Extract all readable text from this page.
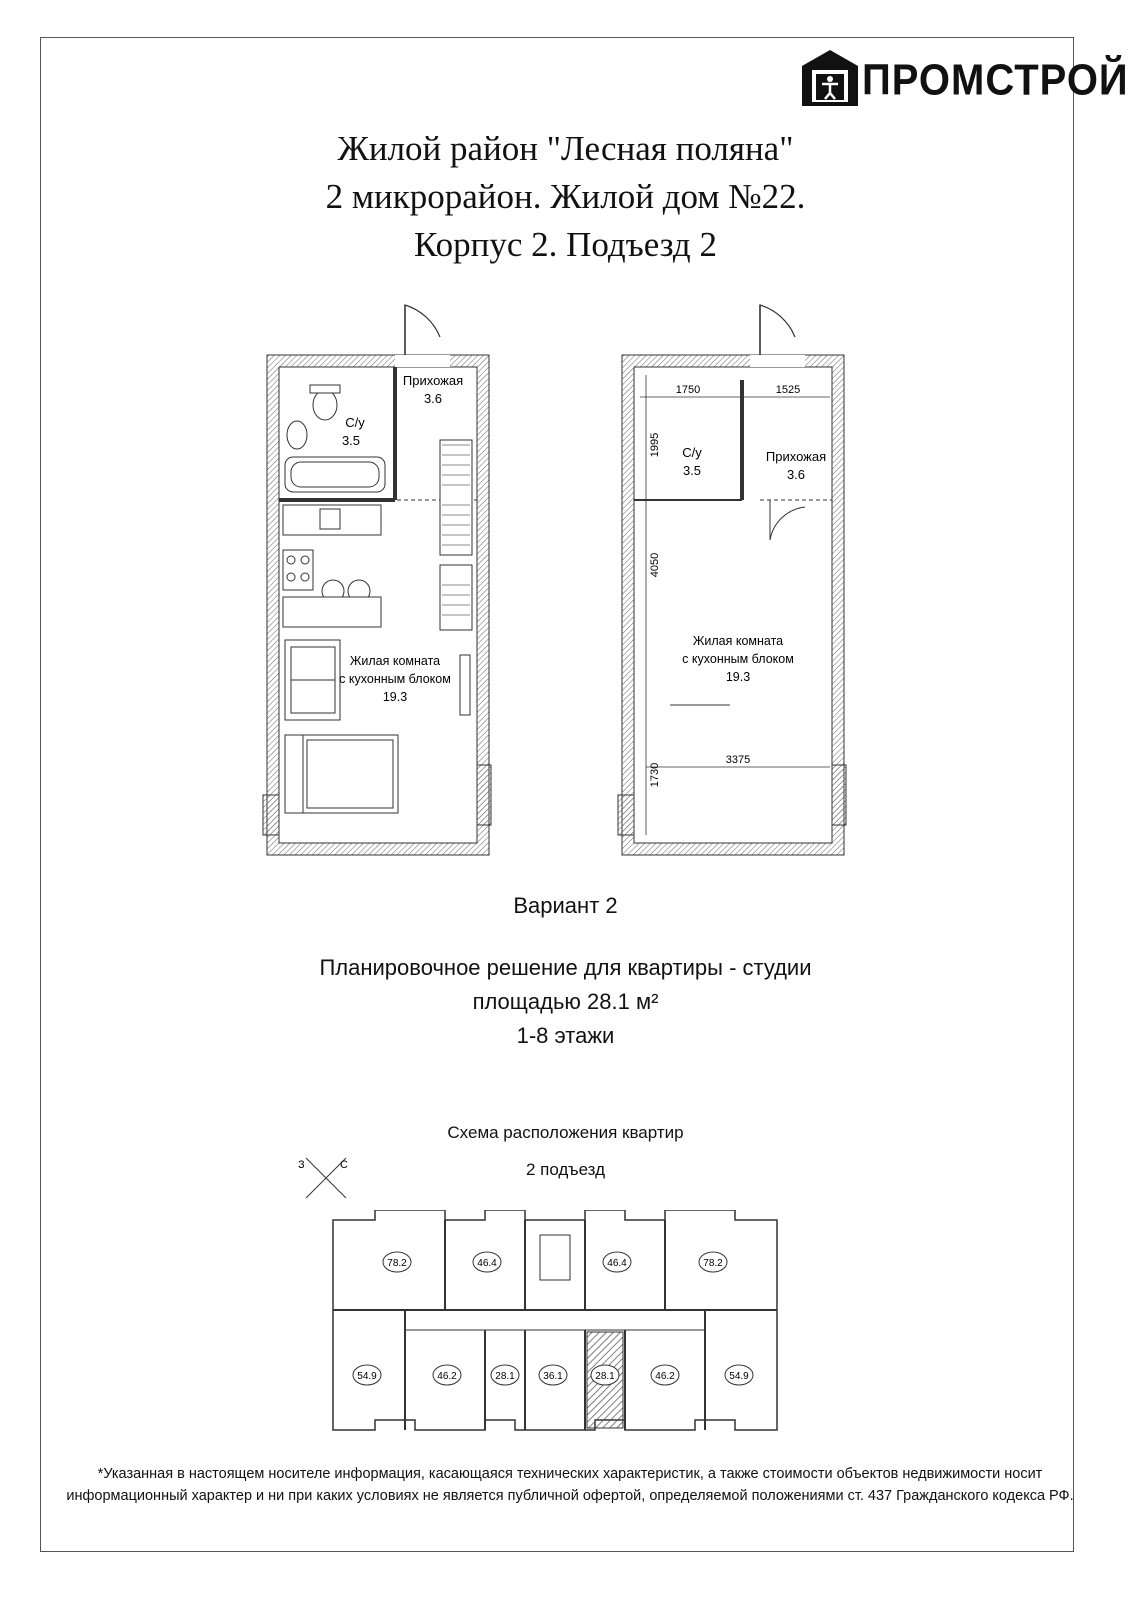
ПРОМСТРОЙ
Жилой район "Лесная поляна"
2 микрорайон. Жилой дом №22.
Корпус 2. Подъезд 2
Прихожая
3.6
С/у
3.5
Жилая комната
с кухонным блоком
19.3
1750	1525
3375
1995
4050
1730
С/у
3.5
Прихожая
3.6
Жилая комната
с кухонным блоком
19.3
Вариант 2
Планировочное решение для квартиры - студии
площадью 28.1 м²
1-8 этажи
Схема расположения квартир
2 подъезд
З	С
78.2	46.4	46.4	78.2
54.9	46.2	28.1	36.1	28.1	46.2	54.9
*Указанная в настоящем носителе информация, касающаяся технических характеристик, а также стоимости объектов недвижимости носит
информационный характер и ни при каких условиях не является публичной офертой, определяемой положениями ст. 437 Гражданского кодекса РФ.
